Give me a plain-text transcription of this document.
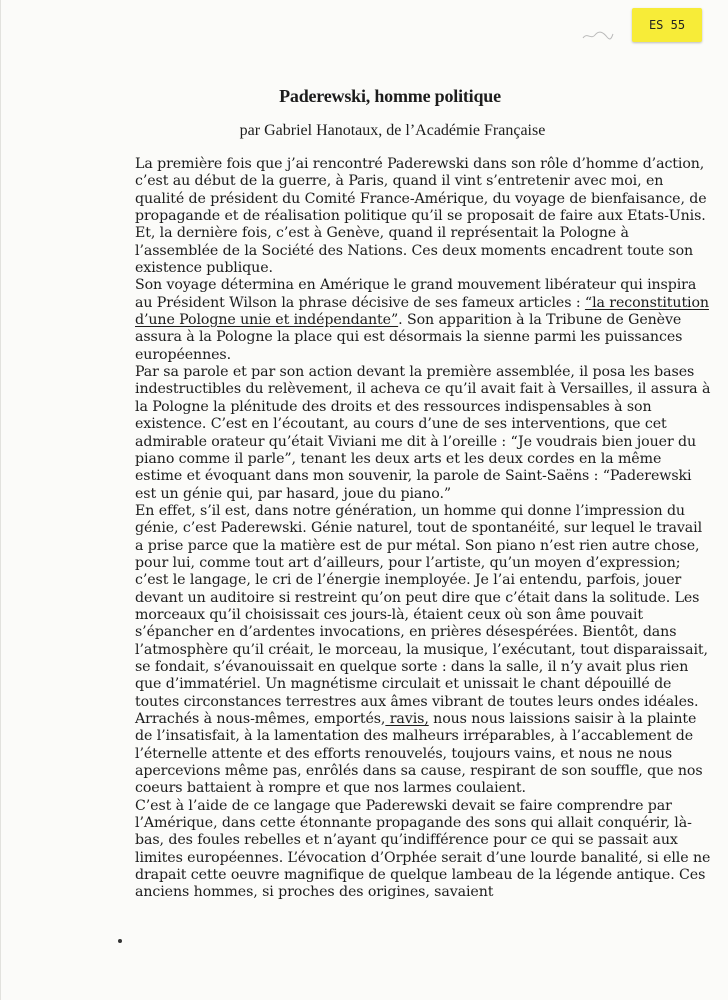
ES 55
Paderewski, homme politique
par Gabriel Hanotaux, de l’Académie Française

La première fois que j’ai rencontré Paderewski dans son rôle d’homme d’action, c’est au début de la guerre, à Paris, quand il vint s’entretenir avec moi, en qualité de président du Comité France-Amérique, du voyage de bienfaisance, de propagande et de réalisation politique qu’il se proposait de faire aux Etats-Unis. Et, la dernière fois, c’est à Genève, quand il représentait la Pologne à l’assemblée de la Société des Nations. Ces deux moments encadrent toute son existence publique.

Son voyage détermina en Amérique le grand mouvement libérateur qui inspira au Président Wilson la phrase décisive de ses fameux articles : “la reconstitution d’une Pologne unie et indépendante”. Son apparition à la Tribune de Genève assura à la Pologne la place qui est désormais la sienne parmi les puissances européennes.

Par sa parole et par son action devant la première assemblée, il posa les bases indestructibles du relèvement, il acheva ce qu’il avait fait à Versailles, il assura à la Pologne la plénitude des droits et des ressources indispensables à son existence. C’est en l’écoutant, au cours d’une de ses interventions, que cet admirable orateur qu’était Viviani me dit à l’oreille : “Je voudrais bien jouer du piano comme il parle”, tenant les deux arts et les deux cordes en la même estime et évoquant dans mon souvenir, la parole de Saint-Saëns : “Paderewski est un génie qui, par hasard, joue du piano.”

En effet, s’il est, dans notre génération, un homme qui donne l’impression du génie, c’est Paderewski. Génie naturel, tout de spontanéité, sur lequel le travail a prise parce que la matière est de pur métal. Son piano n’est rien autre chose, pour lui, comme tout art d’ailleurs, pour l’artiste, qu’un moyen d’expression; c’est le langage, le cri de l’énergie inemployée. Je l’ai entendu, parfois, jouer devant un auditoire si restreint qu’on peut dire que c’était dans la solitude. Les morceaux qu’il choisissait ces jours-là, étaient ceux où son âme pouvait s’épancher en d’ardentes invocations, en prières désespérées. Bientôt, dans l’atmosphère qu’il créait, le morceau, la musique, l’exécutant, tout disparaissait, se fondait, s’évanouissait en quelque sorte : dans la salle, il n’y avait plus rien que d’immatériel. Un magnétisme circulait et unissait le chant dépouillé de toutes circonstances terrestres aux âmes vibrant de toutes leurs ondes idéales. Arrachés à nous-mêmes, emportés, ravis, nous nous laissions saisir à la plainte de l’insatisfait, à la lamentation des malheurs irréparables, à l’accablement de l’éternelle attente et des efforts renouvelés, toujours vains, et nous ne nous apercevions même pas, enrôlés dans sa cause, respirant de son souffle, que nos coeurs battaient à rompre et que nos larmes coulaient.

C’est à l’aide de ce langage que Paderewski devait se faire comprendre par l’Amérique, dans cette étonnante propagande des sons qui allait conquérir, là-bas, des foules rebelles et n’ayant qu’indifférence pour ce qui se passait aux limites européennes. L’évocation d’Orphée serait d’une lourde banalité, si elle ne drapait cette oeuvre magnifique de quelque lambeau de la légende antique. Ces anciens hommes, si proches des origines, savaient
